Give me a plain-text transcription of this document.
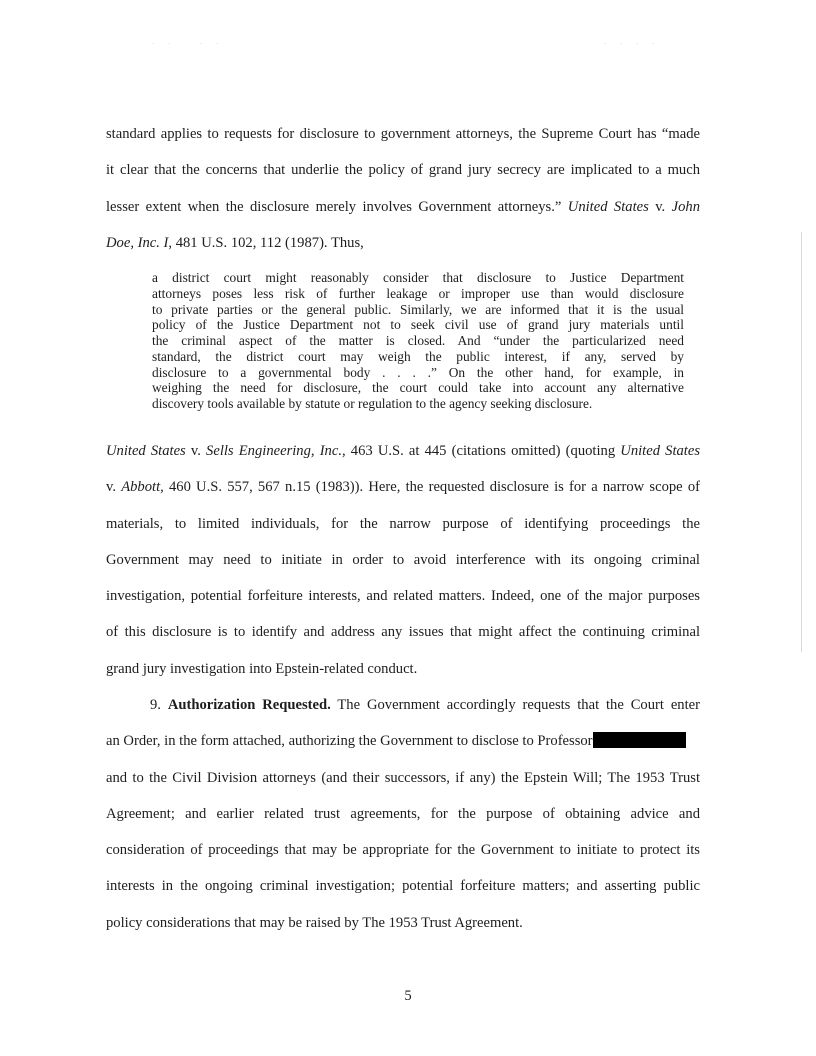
· ·   · ·	· · · ·
standard applies to requests for disclosure to government attorneys, the Supreme Court has “made
it clear that the concerns that underlie the policy of grand jury secrecy are implicated to a much
lesser extent when the disclosure merely involves Government attorneys.” United States v. John
Doe, Inc. I, 481 U.S. 102, 112 (1987). Thus,
a district court might reasonably consider that disclosure to Justice Department
attorneys poses less risk of further leakage or improper use than would disclosure
to private parties or the general public. Similarly, we are informed that it is the usual
policy of the Justice Department not to seek civil use of grand jury materials until
the criminal aspect of the matter is closed. And “under the particularized need
standard, the district court may weigh the public interest, if any, served by
disclosure to a governmental body . . . .” On the other hand, for example, in
weighing the need for disclosure, the court could take into account any alternative
discovery tools available by statute or regulation to the agency seeking disclosure.
United States v. Sells Engineering, Inc., 463 U.S. at 445 (citations omitted) (quoting United States
v. Abbott, 460 U.S. 557, 567 n.15 (1983)). Here, the requested disclosure is for a narrow scope of
materials, to limited individuals, for the narrow purpose of identifying proceedings the
Government may need to initiate in order to avoid interference with its ongoing criminal
investigation, potential forfeiture interests, and related matters. Indeed, one of the major purposes
of this disclosure is to identify and address any issues that might affect the continuing criminal
grand jury investigation into Epstein-related conduct.
9. Authorization Requested. The Government accordingly requests that the Court enter
an Order, in the form attached, authorizing the Government to disclose to Professor
and to the Civil Division attorneys (and their successors, if any) the Epstein Will; The 1953 Trust
Agreement; and earlier related trust agreements, for the purpose of obtaining advice and
consideration of proceedings that may be appropriate for the Government to initiate to protect its
interests in the ongoing criminal investigation; potential forfeiture matters; and asserting public
policy considerations that may be raised by The 1953 Trust Agreement.
5
